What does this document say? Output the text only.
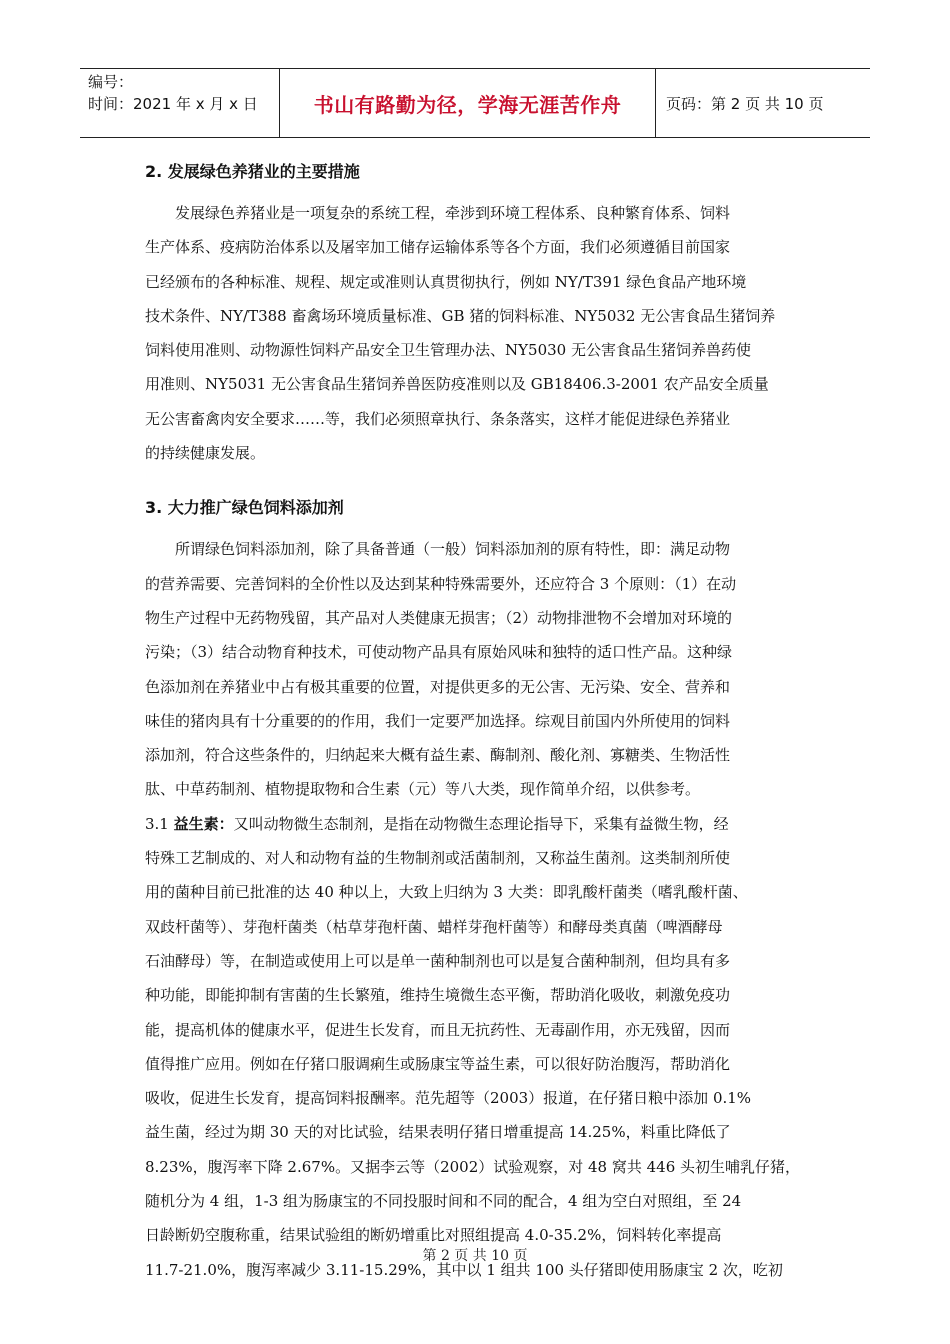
编号：
时间：2021 年 x 月 x 日	书山有路勤为径，学海无涯苦作舟	页码：第 2 页 共 10 页
2. 发展绿色养猪业的主要措施
发展绿色养猪业是一项复杂的系统工程，牵涉到环境工程体系、良种繁育体系、饲料
生产体系、疫病防治体系以及屠宰加工储存运输体系等各个方面，我们必须遵循目前国家
已经颁布的各种标准、规程、规定或准则认真贯彻执行，例如 NY/T391 绿色食品产地环境
技术条件、NY/T388 畜禽场环境质量标准、GB 猪的饲料标准、NY5032 无公害食品生猪饲养
饲料使用准则、动物源性饲料产品安全卫生管理办法、NY5030 无公害食品生猪饲养兽药使
用准则、NY5031 无公害食品生猪饲养兽医防疫准则以及 GB18406.3-2001 农产品安全质量
无公害畜禽肉安全要求……等，我们必须照章执行、条条落实，这样才能促进绿色养猪业
的持续健康发展。
3. 大力推广绿色饲料添加剂
所谓绿色饲料添加剂，除了具备普通（一般）饲料添加剂的原有特性，即：满足动物
的营养需要、完善饲料的全价性以及达到某种特殊需要外，还应符合 3 个原则：（1）在动
物生产过程中无药物残留，其产品对人类健康无损害；（2）动物排泄物不会增加对环境的
污染；（3）结合动物育种技术，可使动物产品具有原始风味和独特的适口性产品。这种绿
色添加剂在养猪业中占有极其重要的位置，对提供更多的无公害、无污染、安全、营养和
味佳的猪肉具有十分重要的的作用，我们一定要严加选择。综观目前国内外所使用的饲料
添加剂，符合这些条件的，归纳起来大概有益生素、酶制剂、酸化剂、寡糖类、生物活性
肽、中草药制剂、植物提取物和合生素（元）等八大类，现作简单介绍，以供参考。
3.1 益生素：又叫动物微生态制剂，是指在动物微生态理论指导下，采集有益微生物，经
特殊工艺制成的、对人和动物有益的生物制剂或活菌制剂，又称益生菌剂。这类制剂所使
用的菌种目前已批准的达 40 种以上，大致上归纳为 3 大类：即乳酸杆菌类（嗜乳酸杆菌、
双歧杆菌等）、芽孢杆菌类（枯草芽孢杆菌、蜡样芽孢杆菌等）和酵母类真菌（啤酒酵母
石油酵母）等，在制造或使用上可以是单一菌种制剂也可以是复合菌种制剂，但均具有多
种功能，即能抑制有害菌的生长繁殖，维持生境微生态平衡，帮助消化吸收，刺激免疫功
能，提高机体的健康水平，促进生长发育，而且无抗药性、无毒副作用，亦无残留，因而
值得推广应用。例如在仔猪口服调痢生或肠康宝等益生素，可以很好防治腹泻，帮助消化
吸收，促进生长发育，提高饲料报酬率。范先超等（2003）报道，在仔猪日粮中添加 0.1%
益生菌，经过为期 30 天的对比试验，结果表明仔猪日增重提高 14.25%，料重比降低了
8.23%，腹泻率下降 2.67%。又据李云等（2002）试验观察，对 48 窝共 446 头初生哺乳仔猪，
随机分为 4 组，1-3 组为肠康宝的不同投服时间和不同的配合，4 组为空白对照组，至 24
日龄断奶空腹称重，结果试验组的断奶增重比对照组提高 4.0-35.2%，饲料转化率提高
11.7-21.0%，腹泻率减少 3.11-15.29%，其中以 1 组共 100 头仔猪即使用肠康宝 2 次，吃初
第 2 页 共 10 页
